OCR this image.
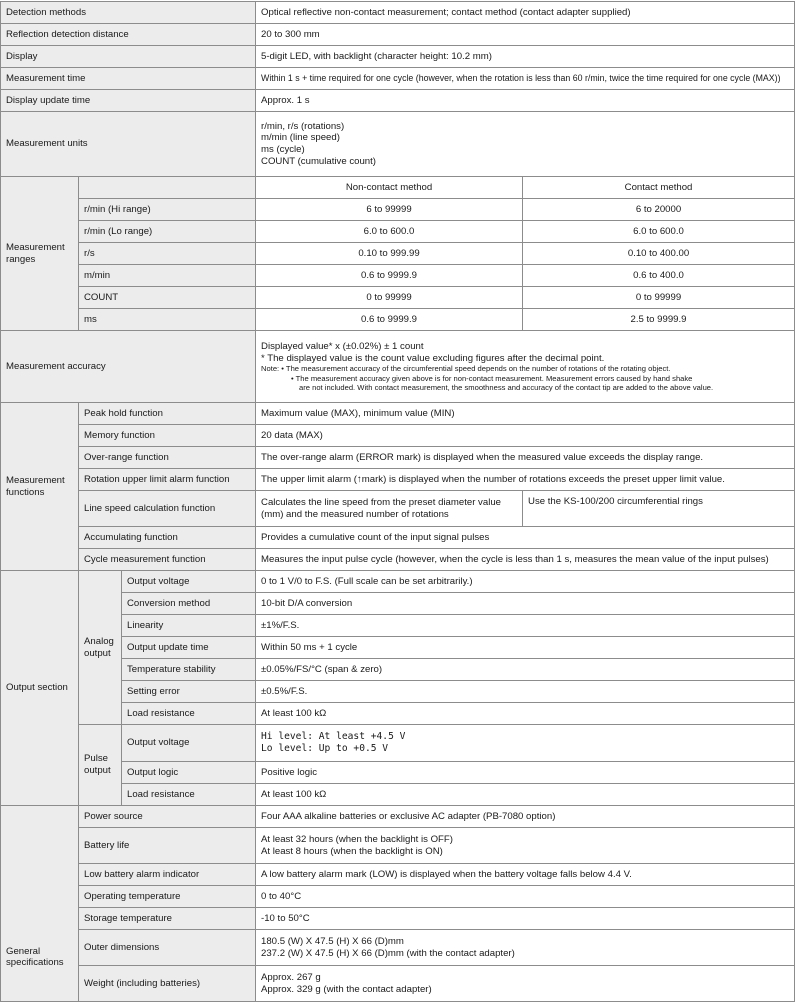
Detection methods			Optical reflective non-contact measurement; contact method (contact adapter supplied)	
Reflection detection distance			20 to 300 mm	
Display			5-digit LED, with backlight (character height: 10.2 mm)	
Measurement time			Within 1 s + time required for one cycle (however, when the rotation is less than 60 r/min, twice the time required for one cycle (MAX))	
Display update time			Approx. 1 s	
Measurement units			r/min, r/s (rotations)
m/min (line speed)
ms (cycle)
COUNT (cumulative count)	

Measurement ranges			Non-contact method	Contact method
	r/min (Hi range)		6 to 99999	6 to 20000
	r/min (Lo range)		6.0 to 600.0	6.0 to 600.0
	r/s		0.10 to 999.99	0.10 to 400.00
	m/min		0.6 to 9999.9	0.6 to 400.0
	COUNT		0 to 99999	0 to 99999
	ms		0.6 to 9999.9	2.5 to 9999.9
Measurement accuracy			Displayed value* x (±0.02%) ± 1 count
* The displayed value is the count value excluding figures after the decimal point.
Note: • The measurement accuracy of the circumferential speed depends on the number of rotations of the rotating object.
• The measurement accuracy given above is for non-contact measurement. Measurement errors caused by hand shake
are not included. With contact measurement, the smoothness and accuracy of the contact tip are added to the above value.	

Measurement functions	Peak hold function		Maximum value (MAX), minimum value (MIN)	
	Memory function		20 data (MAX)	
	Over-range function		The over-range alarm (ERROR mark) is displayed when the measured value exceeds the display range.	
	Rotation upper limit alarm function		The upper limit alarm (↑mark) is displayed when the number of rotations exceeds the preset upper limit value.	
	Line speed calculation function		Calculates the line speed from the preset diameter value (mm) and the measured number of rotations	Use the KS-100/200 circumferential rings
	Accumulating function		Provides a cumulative count of the input signal pulses	
	Cycle measurement function		Measures the input pulse cycle (however, when the cycle is less than 1 s, measures the mean value of the input pulses)	
Output section	Analog output	Output voltage	0 to 1 V/0 to F.S. (Full scale can be set arbitrarily.)	
		Conversion method	10-bit D/A conversion	
		Linearity	±1%/F.S.	
		Output update time	Within 50 ms + 1 cycle	
		Temperature stability	±0.05%/FS/°C (span & zero)	
		Setting error	±0.5%/F.S.	
		Load resistance	At least 100 kΩ	
	Pulse output	Output voltage	Hi level: At least +4.5 V
Lo level: Up to +0.5 V	

		Output logic	Positive logic	
		Load resistance	At least 100 kΩ	
General specifications	Power source		Four AAA alkaline batteries or exclusive AC adapter (PB-7080 option)	
	Battery life		At least 32 hours (when the backlight is OFF)
At least 8 hours (when the backlight is ON)	

	Low battery alarm indicator		A low battery alarm mark (LOW) is displayed when the battery voltage falls below 4.4 V.	
	Operating temperature		0 to 40°C	
	Storage temperature		-10 to 50°C	
	Outer dimensions		180.5 (W) X 47.5 (H) X 66 (D)mm
237.2 (W) X 47.5 (H) X 66 (D)mm (with the contact adapter)	

	Weight (including batteries)		Approx. 267 g
Approx. 329 g (with the contact adapter)	
